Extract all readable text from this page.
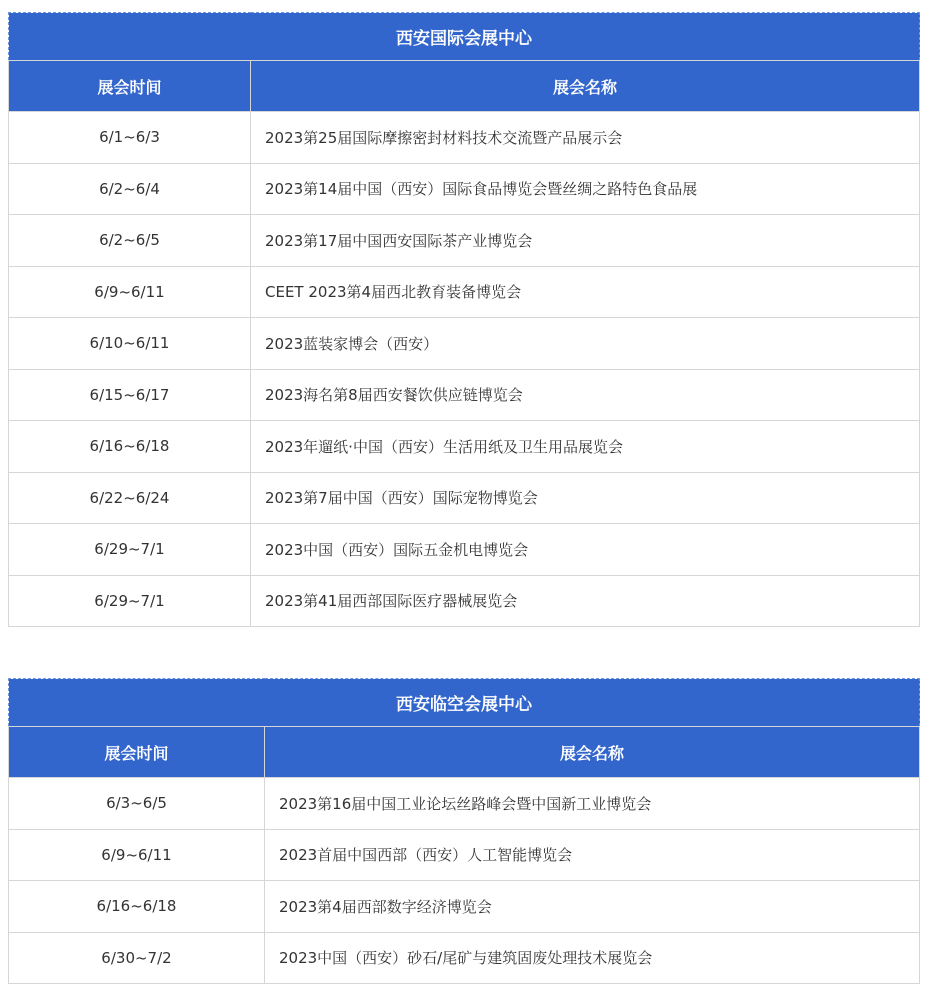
西安国际会展中心	
展会时间	展会名称
6/1~6/3	2023第25届国际摩擦密封材料技术交流暨产品展示会
6/2~6/4	2023第14届中国（西安）国际食品博览会暨丝绸之路特色食品展
6/2~6/5	2023第17届中国西安国际茶产业博览会
6/9~6/11	CEET 2023第4届西北教育装备博览会
6/10~6/11	2023蓝装家博会（西安）
6/15~6/17	2023海名第8届西安餐饮供应链博览会
6/16~6/18	2023年遛纸·中国（西安）生活用纸及卫生用品展览会
6/22~6/24	2023第7届中国（西安）国际宠物博览会
6/29~7/1	2023中国（西安）国际五金机电博览会
6/29~7/1	2023第41届西部国际医疗器械展览会
西安临空会展中心	
展会时间	展会名称
6/3~6/5	2023第16届中国工业论坛丝路峰会暨中国新工业博览会
6/9~6/11	2023首届中国西部（西安）人工智能博览会
6/16~6/18	2023第4届西部数字经济博览会
6/30~7/2	2023中国（西安）砂石/尾矿与建筑固废处理技术展览会
